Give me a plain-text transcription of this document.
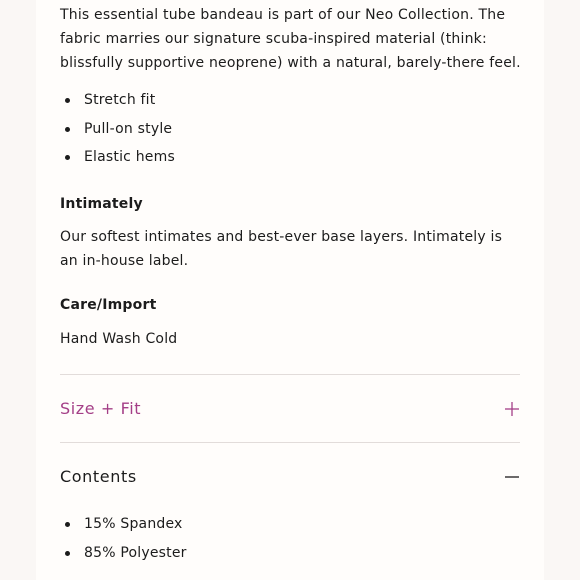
This essential tube bandeau is part of our Neo Collection. The fabric marries our signature scuba-inspired material (think: blissfully supportive neoprene) with a natural, barely-there feel.

Stretch fit
Pull-on style
Elastic hems
Intimately

Our softest intimates and best-ever base layers. Intimately is an in-house label.

Care/Import

Hand Wash Cold

Size + Fit
Contents
15% Spandex
85% Polyester
